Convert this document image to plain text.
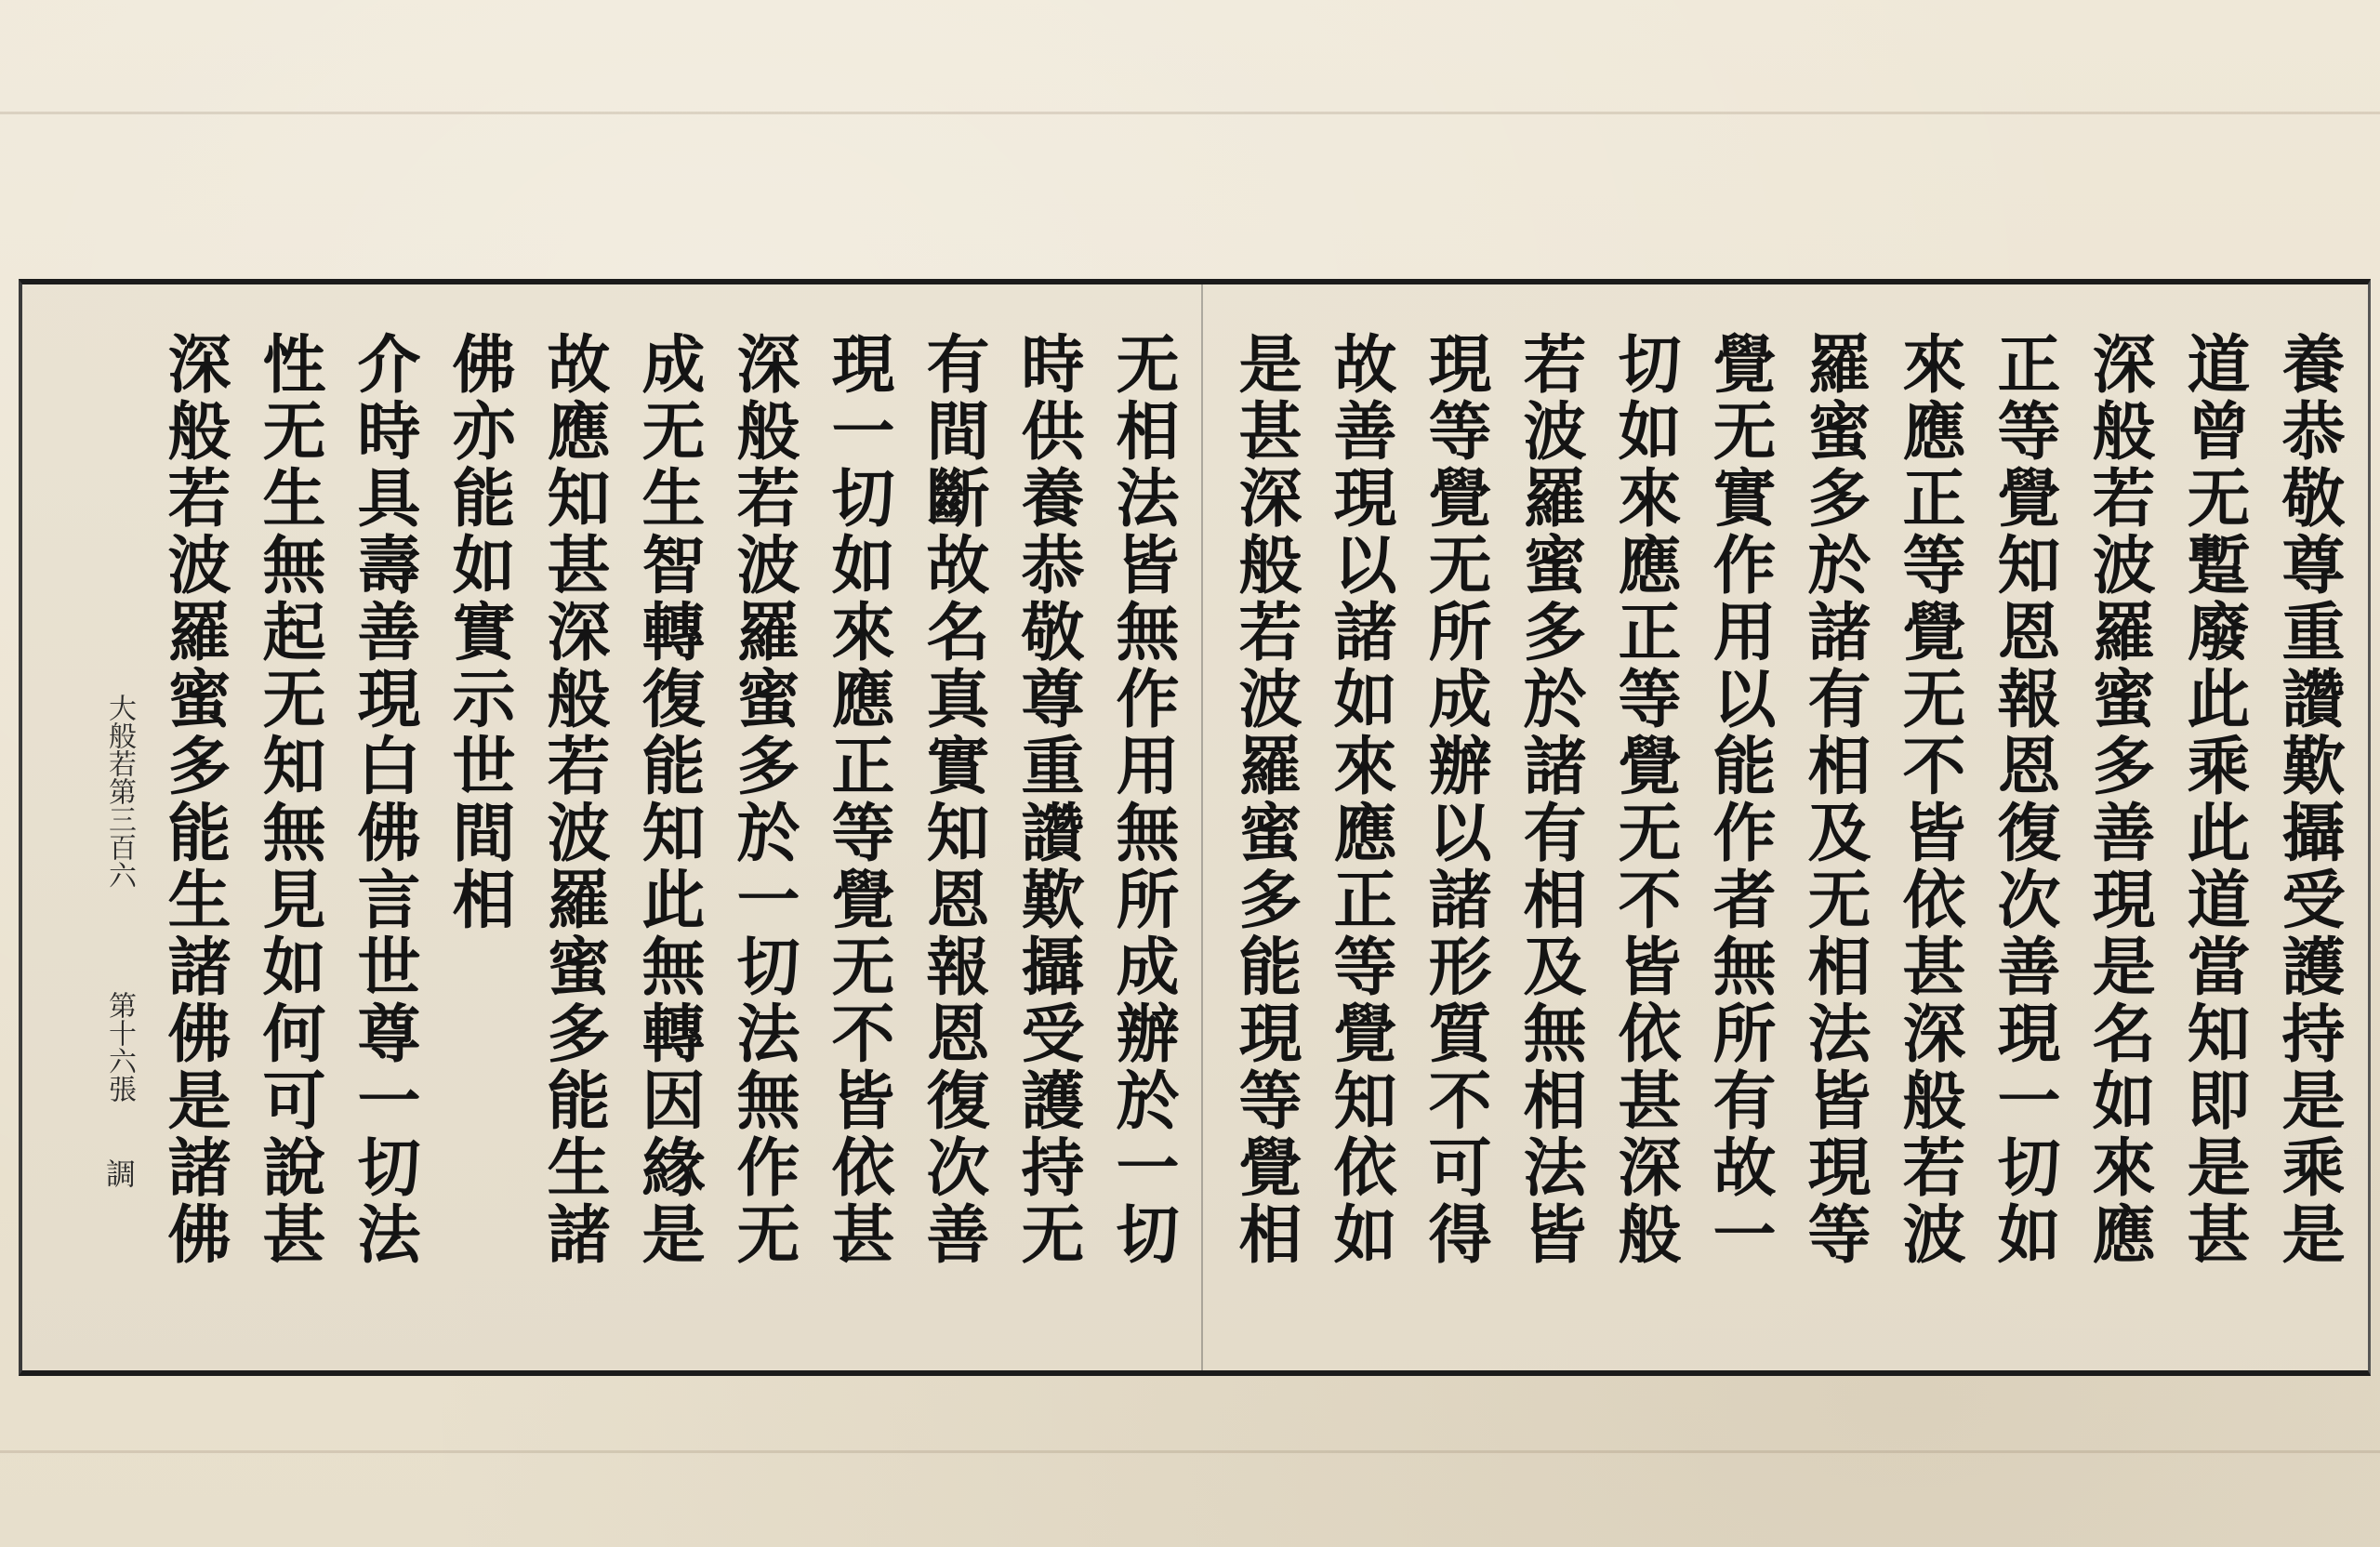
養恭敬尊重讚歎攝受護持是乘是
道曾无蹔廢此乘此道當知即是甚
深般若波羅蜜多善現是名如來應
正等覺知恩報恩復次善現一切如
來應正等覺无不皆依甚深般若波
羅蜜多於諸有相及无相法皆現等
覺无實作用以能作者無所有故一
切如來應正等覺无不皆依甚深般
若波羅蜜多於諸有相及無相法皆
現等覺无所成辦以諸形質不可得
故善現以諸如來應正等覺知依如
是甚深般若波羅蜜多能現等覺相
无相法皆無作用無所成辦於一切
時供養恭敬尊重讚歎攝受護持无
有間斷故名真實知恩報恩復次善
現一切如來應正等覺无不皆依甚
深般若波羅蜜多於一切法無作无
成无生智轉復能知此無轉因緣是
故應知甚深般若波羅蜜多能生諸
佛亦能如實示世間相
介時具壽善現白佛言世尊一切法
性无生無起无知無見如何可說甚
深般若波羅蜜多能生諸佛是諸佛
大般若第三百六
第十六張
調
